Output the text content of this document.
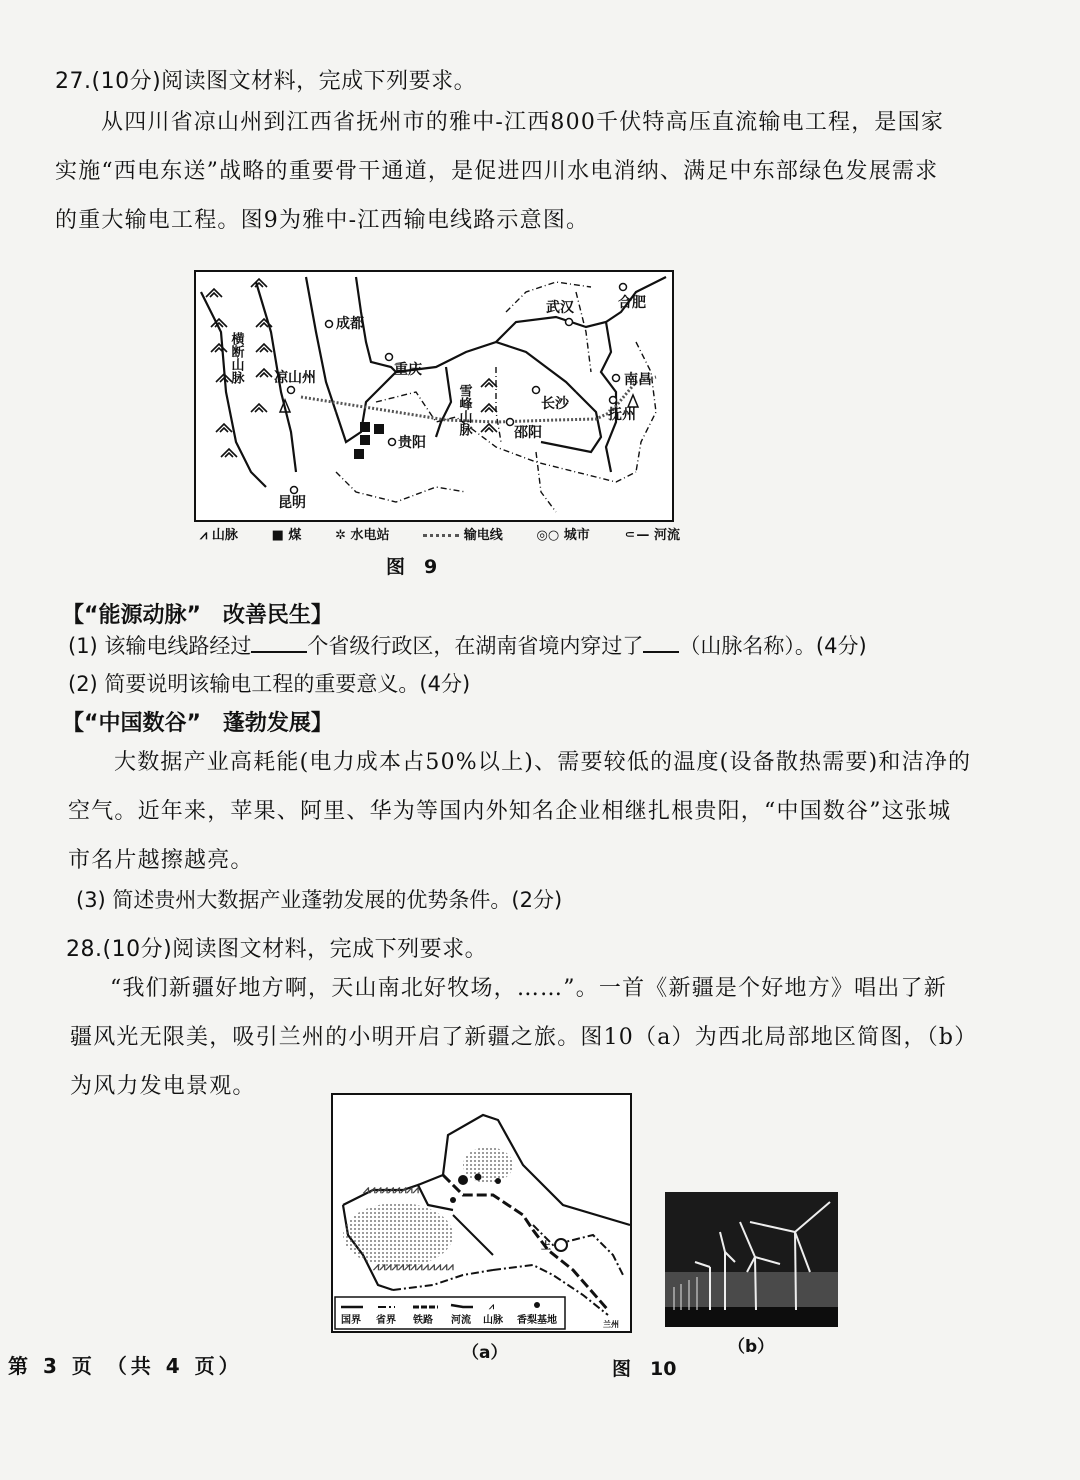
27.(10分)阅读图文材料，完成下列要求。
从四川省凉山州到江西省抚州市的雅中-江西800千伏特高压直流输电工程，是国家
实施“西电东送”战略的重要骨干通道，是促进四川水电消纳、满足中东部绿色发展需求
的重大输电工程。图9为雅中-江西输电线路示意图。
成都
凉山州	重庆
贵阳
昆明
长沙
邵阳
武汉	合肥
南昌
抚州
横断山脉
雪峰山脉
⩘ 山脉	■ 煤	✲ 水电站	输电线	◎○ 城市	⸦— 河流
图　9
【“能源动脉”　改善民生】
(1) 该输电线路经过	个省级行政区，在湖南省境内穿过了 （山脉名称）。(4分)
(2) 简要说明该输电工程的重要意义。(4分)
【“中国数谷”　蓬勃发展】
大数据产业高耗能(电力成本占50%以上)、需要较低的温度(设备散热需要)和洁净的
空气。近年来，苹果、阿里、华为等国内外知名企业相继扎根贵阳，“中国数谷”这张城
市名片越擦越亮。
(3) 简述贵州大数据产业蓬勃发展的优势条件。(2分)
28.(10分)阅读图文材料，完成下列要求。
“我们新疆好地方啊，天山南北好牧场，……”。一首《新疆是个好地方》唱出了新
疆风光无限美，吸引兰州的小明开启了新疆之旅。图10（a）为西北局部地区简图，（b）
为风力发电景观。
⩘⩘⩘⩘⩘⩘⩘⩘⩘⩘⩘⩘⩘
⩘⩘⩘⩘⩘⩘⩘⩘⩘
上
兰州
国界 省界 铁路 河流
⩘
山脉 香梨基地
（a）	（b）
图　10
第 3 页 （共 4 页）
